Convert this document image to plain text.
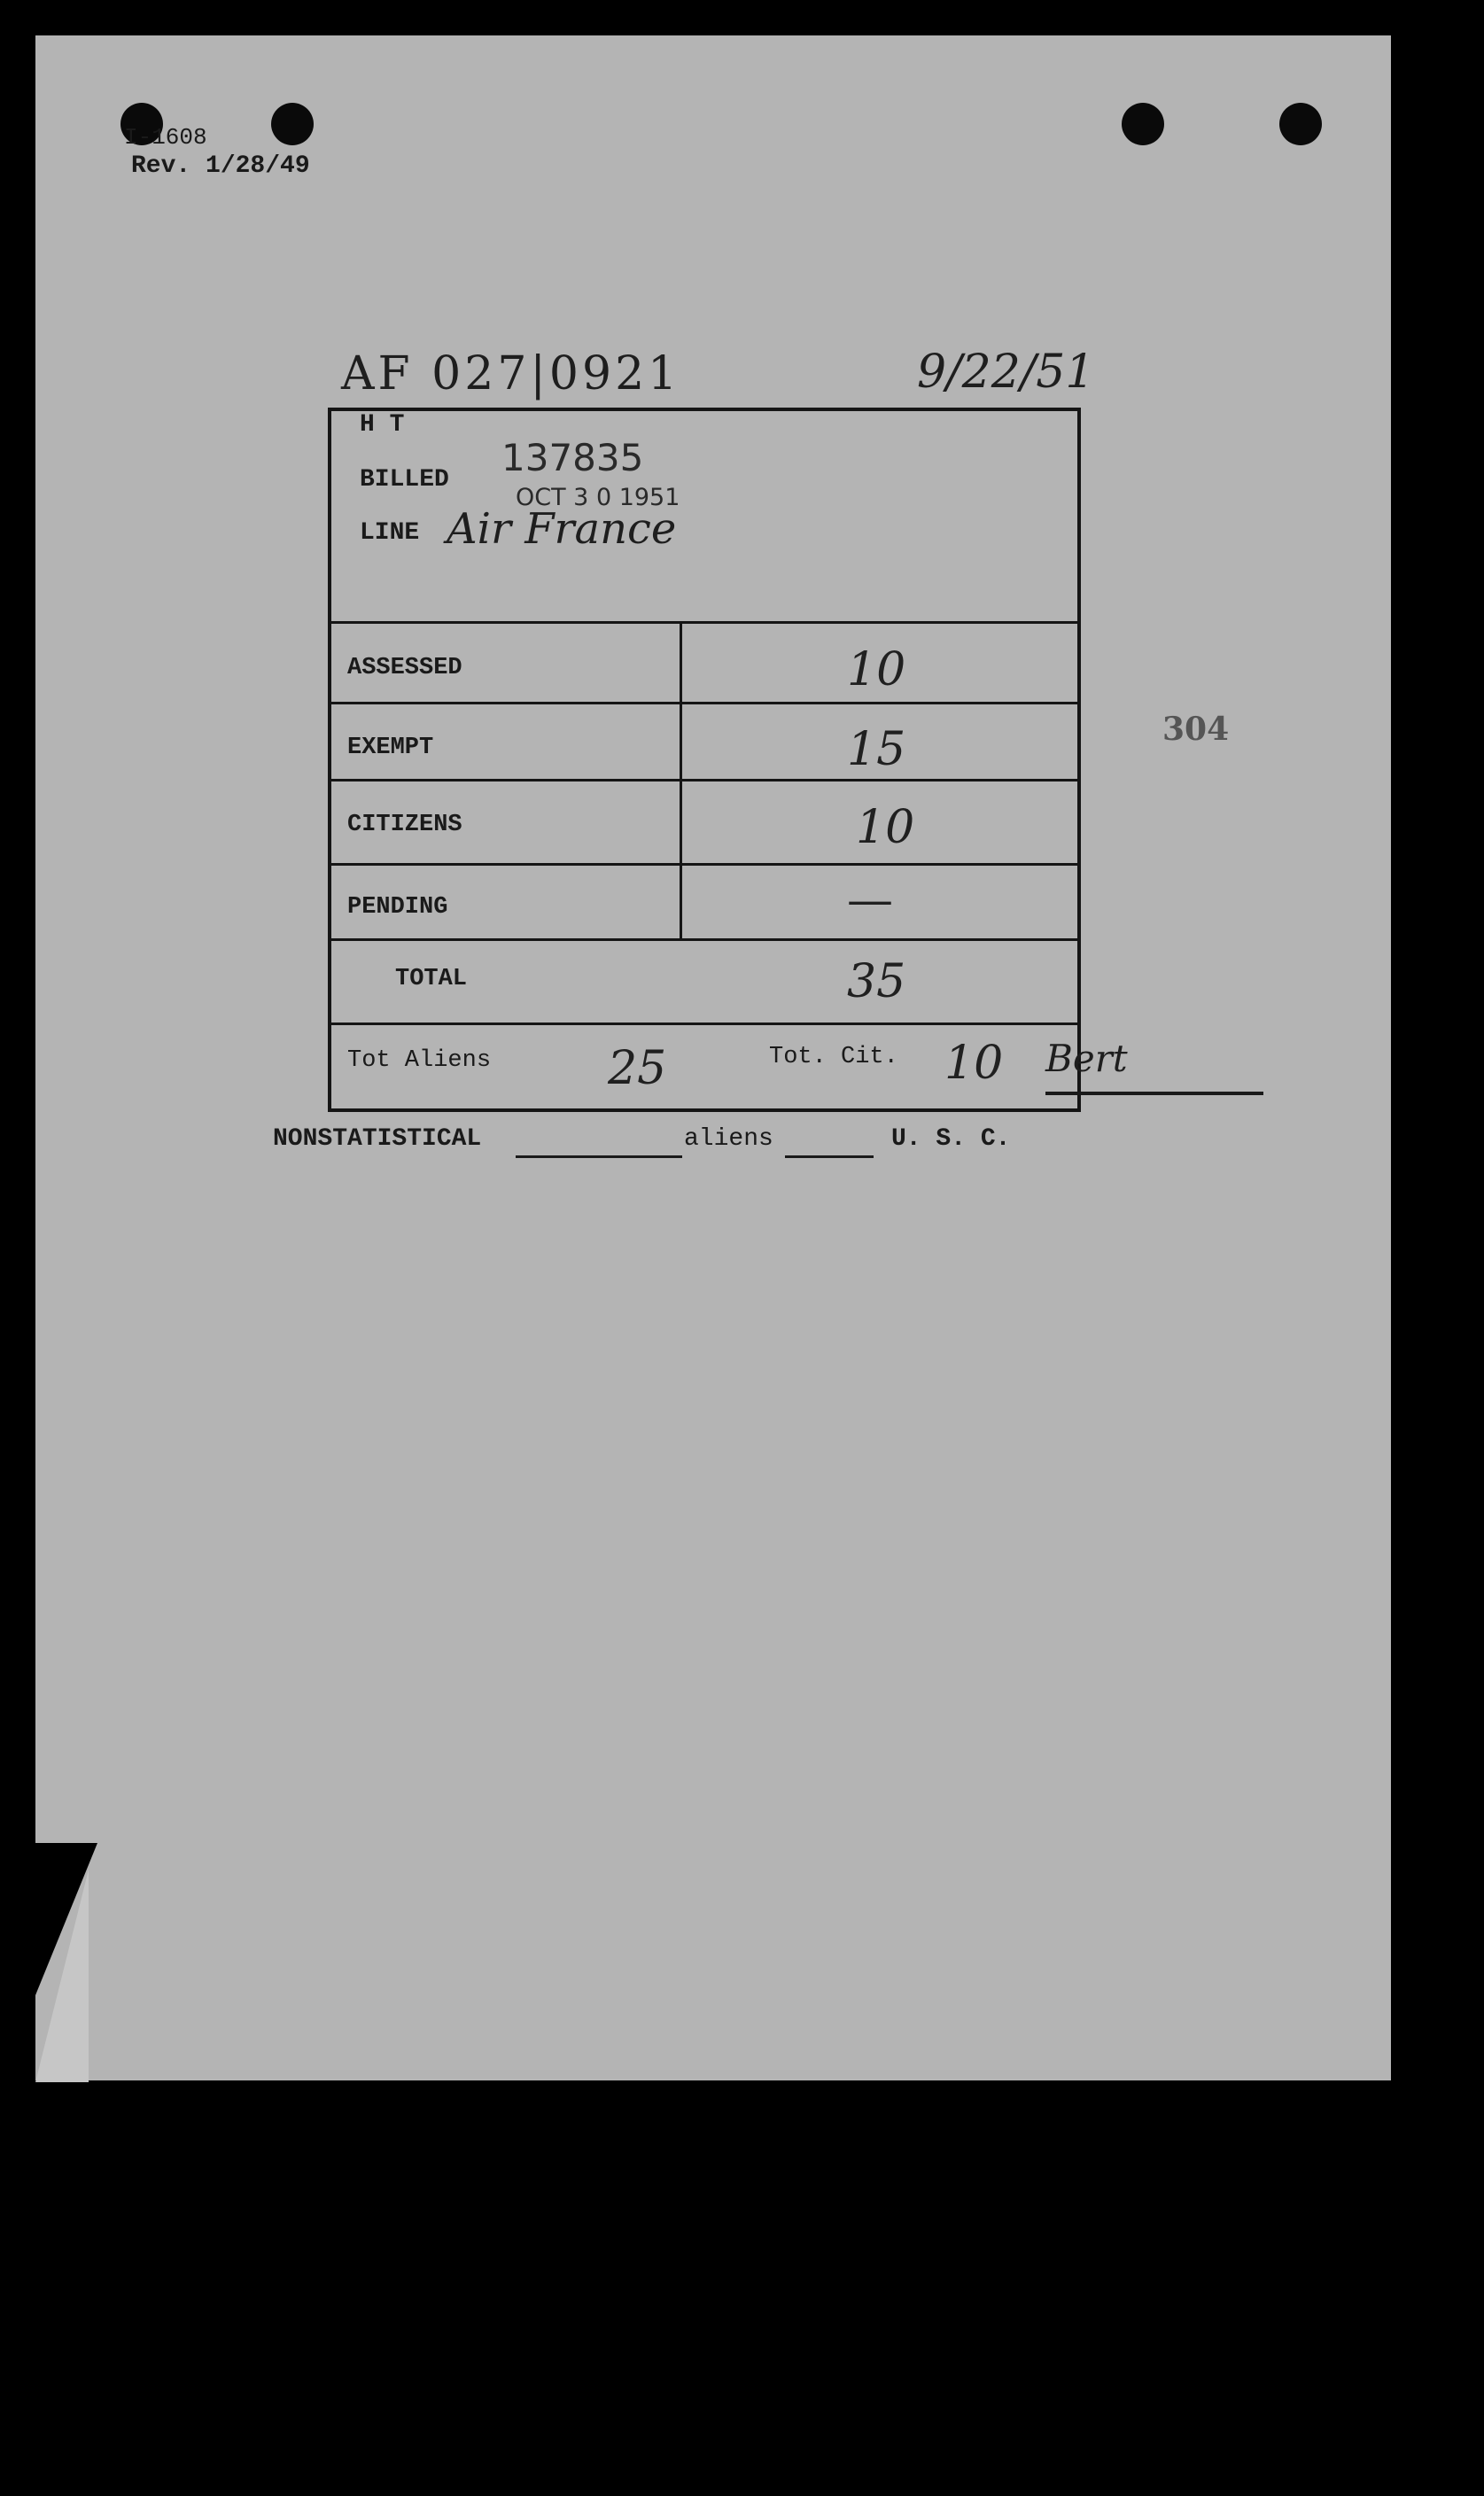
I-1608
Rev. 1/28/49
AF 027|0921	9/22/51
304
H T
BILLED
137835
OCT 3 0 1951
LINE Air France
ASSESSED	10
EXEMPT	15
CITIZENS	10
PENDING	—
TOTAL	35
Tot Aliens	25	Tot. Cit. 10 Bert
NONSTATISTICAL	aliens	U. S. C.
